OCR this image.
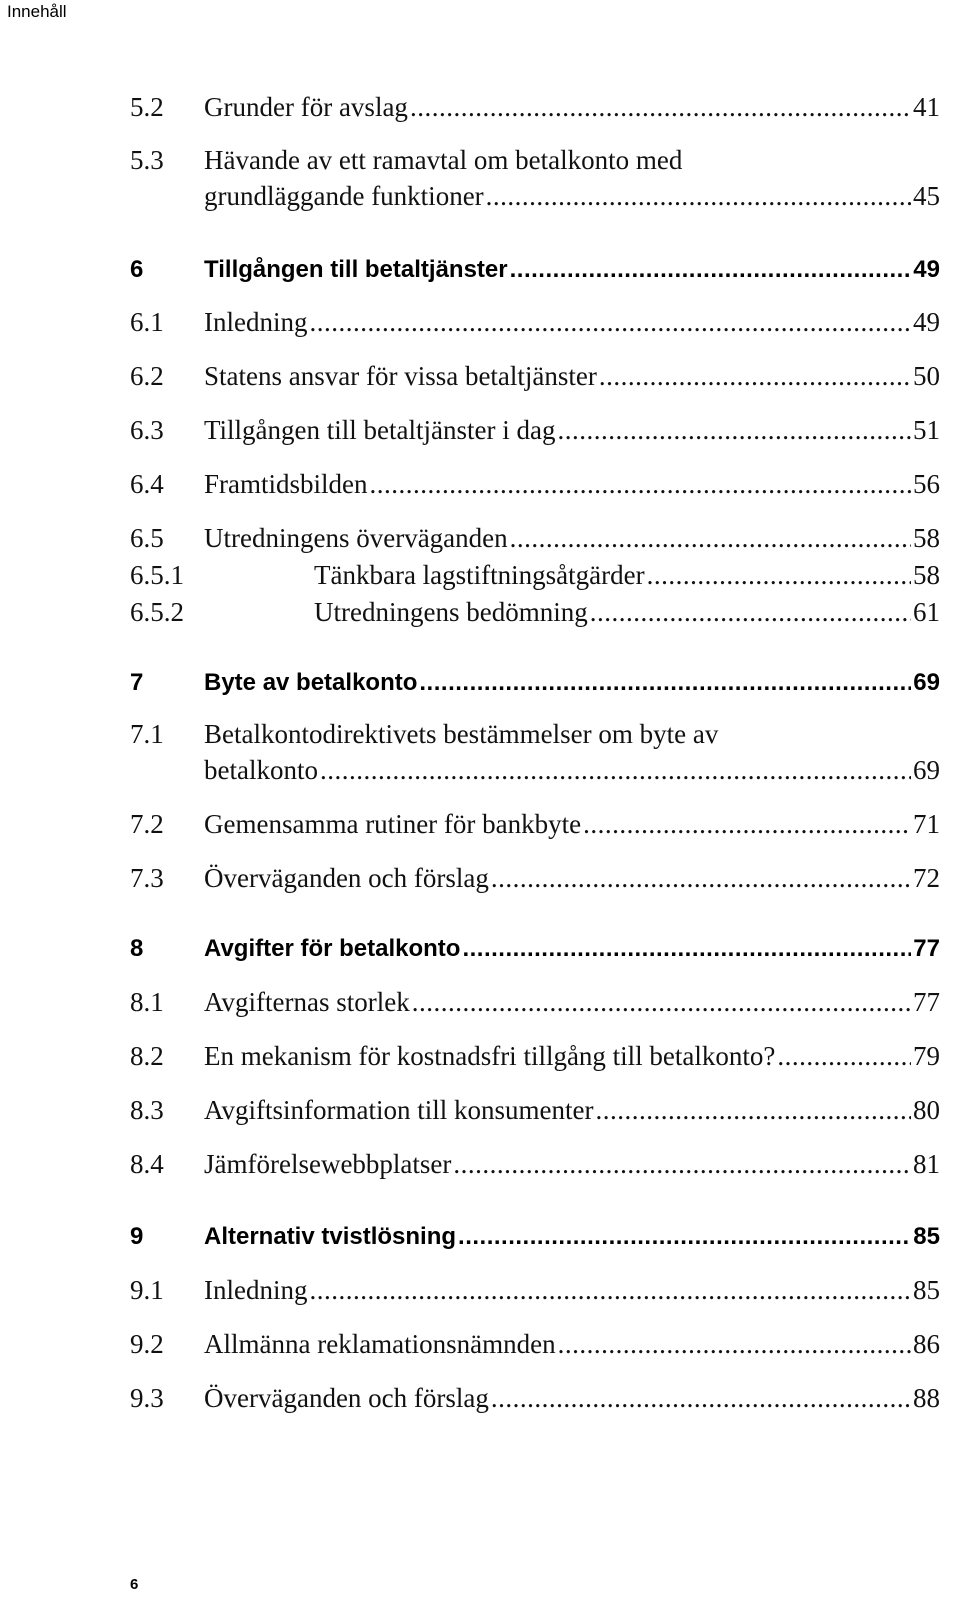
Innehåll
5.2 Grunder för avslag .....	41
5.3 Hävande av ett ramavtal om betalkonto med
grundläggande funktioner .....	45
6	Tillgången till betaltjänster .....	49
6.1 Inledning .....	49
6.2 Statens ansvar för vissa betaltjänster .....	50
6.3 Tillgången till betaltjänster i dag .....	51
6.4 Framtidsbilden .....	56
6.5 Utredningens överväganden .....	58
6.5.1	Tänkbara lagstiftningsåtgärder .....	58
6.5.2	Utredningens bedömning .....	61
7	Byte av betalkonto .....	69
7.1 Betalkontodirektivets bestämmelser om byte av
betalkonto .....	69
7.2 Gemensamma rutiner för bankbyte .....	71
7.3 Överväganden och förslag .....	72
8	Avgifter för betalkonto .....	77
8.1 Avgifternas storlek .....	77
8.2 En mekanism för kostnadsfri tillgång till betalkonto? .....	79
8.3 Avgiftsinformation till konsumenter .....	80
8.4 Jämförelsewebbplatser .....	81
9	Alternativ tvistlösning .....	85
9.1 Inledning .....	85
9.2 Allmänna reklamationsnämnden .....	86
9.3 Överväganden och förslag .....	88
6
